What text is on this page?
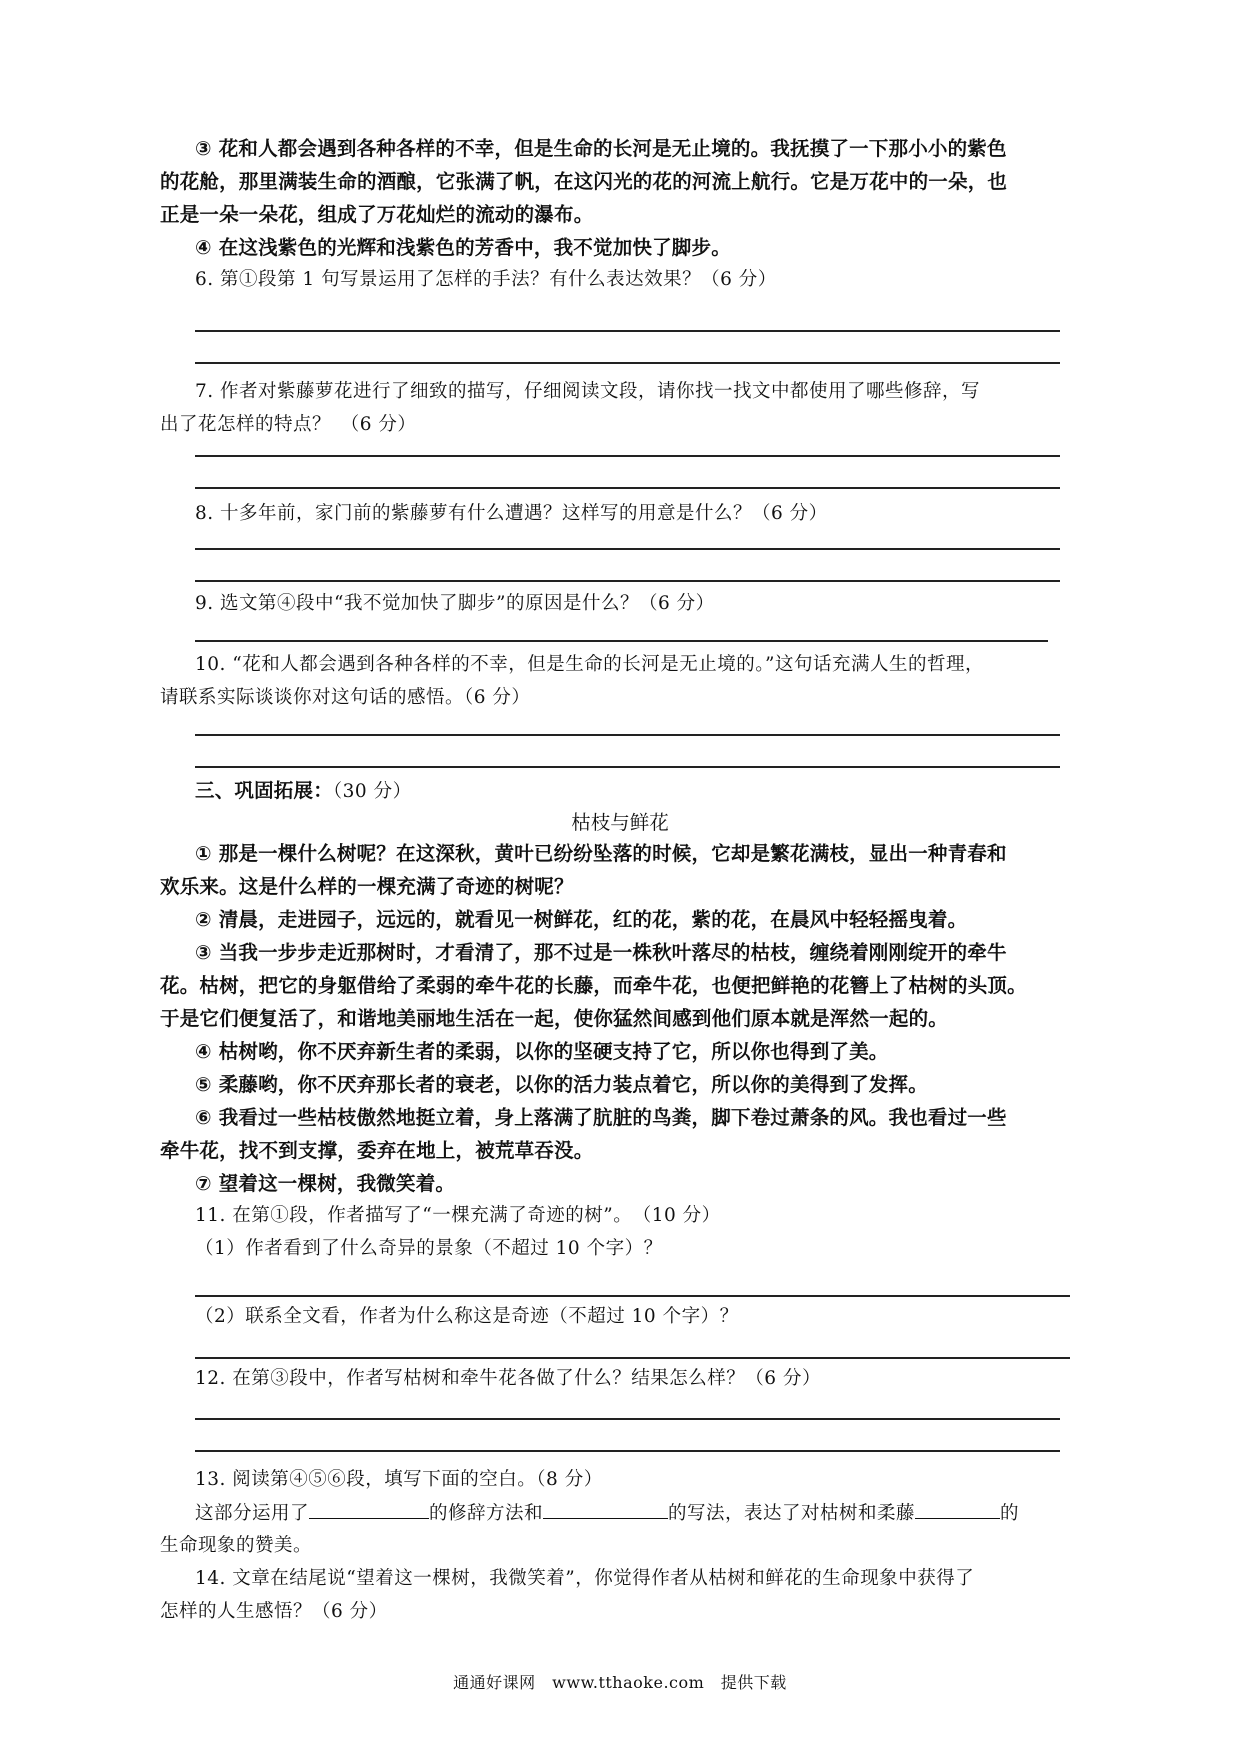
③ 花和人都会遇到各种各样的不幸，但是生命的长河是无止境的。我抚摸了一下那小小的紫色

的花舱，那里满装生命的酒酿，它张满了帆，在这闪光的花的河流上航行。它是万花中的一朵，也

正是一朵一朵花，组成了万花灿烂的流动的瀑布。

④ 在这浅紫色的光辉和浅紫色的芳香中，我不觉加快了脚步。

6. 第①段第 1 句写景运用了怎样的手法？有什么表达效果？（6 分）

7. 作者对紫藤萝花进行了细致的描写，仔细阅读文段，请你找一找文中都使用了哪些修辞，写

出了花怎样的特点？　（6 分）

8. 十多年前，家门前的紫藤萝有什么遭遇？这样写的用意是什么？（6 分）

9. 选文第④段中“我不觉加快了脚步”的原因是什么？（6 分）

10. “花和人都会遇到各种各样的不幸，但是生命的长河是无止境的。”这句话充满人生的哲理，

请联系实际谈谈你对这句话的感悟。（6 分）

三、巩固拓展：（30 分）

枯枝与鲜花

① 那是一棵什么树呢？在这深秋，黄叶已纷纷坠落的时候，它却是繁花满枝，显出一种青春和

欢乐来。这是什么样的一棵充满了奇迹的树呢？

② 清晨，走进园子，远远的，就看见一树鲜花，红的花，紫的花，在晨风中轻轻摇曳着。

③ 当我一步步走近那树时，才看清了，那不过是一株秋叶落尽的枯枝，缠绕着刚刚绽开的牵牛

花。枯树，把它的身躯借给了柔弱的牵牛花的长藤，而牵牛花，也便把鲜艳的花簪上了枯树的头顶。

于是它们便复活了，和谐地美丽地生活在一起，使你猛然间感到他们原本就是浑然一起的。

④ 枯树哟，你不厌弃新生者的柔弱，以你的坚硬支持了它，所以你也得到了美。

⑤ 柔藤哟，你不厌弃那长者的衰老，以你的活力装点着它，所以你的美得到了发挥。

⑥ 我看过一些枯枝傲然地挺立着，身上落满了肮脏的鸟粪，脚下卷过萧条的风。我也看过一些

牵牛花，找不到支撑，委弃在地上，被荒草吞没。

⑦ 望着这一棵树，我微笑着。

11. 在第①段，作者描写了“一棵充满了奇迹的树”。　（10 分）

（1）作者看到了什么奇异的景象（不超过 10 个字）？

（2）联系全文看，作者为什么称这是奇迹（不超过 10 个字）？

12. 在第③段中，作者写枯树和牵牛花各做了什么？结果怎么样？（6 分）

13. 阅读第④⑤⑥段，填写下面的空白。（8 分）

这部分运用了	的修辞方法和	的写法，表达了对枯树和柔藤	的

生命现象的赞美。

14. 文章在结尾说“望着这一棵树，我微笑着”，你觉得作者从枯树和鲜花的生命现象中获得了

怎样的人生感悟？（6 分）

通通好课网　www.tthaoke.com　提供下载
